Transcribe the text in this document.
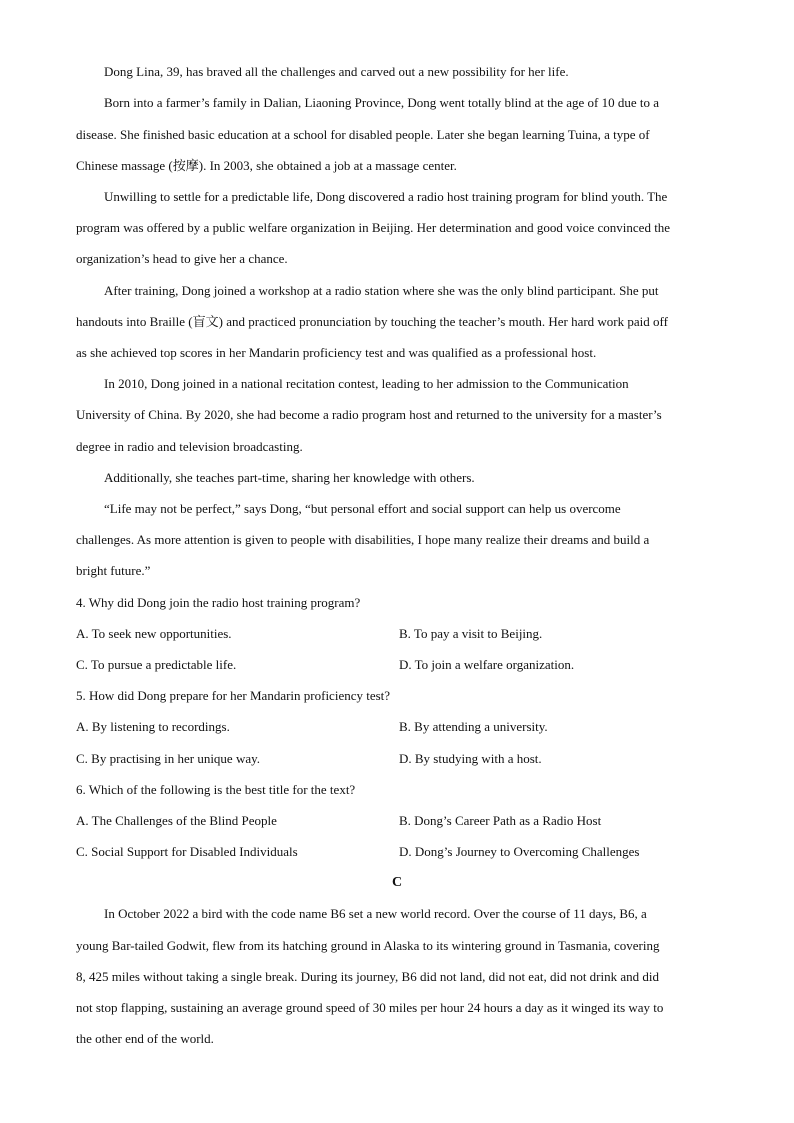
Dong Lina, 39, has braved all the challenges and carved out a new possibility for her life.
Born into a farmer’s family in Dalian, Liaoning Province, Dong went totally blind at the age of 10 due to a
disease. She finished basic education at a school for disabled people. Later she began learning Tuina, a type of
Chinese massage (按摩). In 2003, she obtained a job at a massage center.
Unwilling to settle for a predictable life, Dong discovered a radio host training program for blind youth. The
program was offered by a public welfare organization in Beijing. Her determination and good voice convinced the
organization’s head to give her a chance.
After training, Dong joined a workshop at a radio station where she was the only blind participant. She put
handouts into Braille (盲文) and practiced pronunciation by touching the teacher’s mouth. Her hard work paid off
as she achieved top scores in her Mandarin proficiency test and was qualified as a professional host.
In 2010, Dong joined in a national recitation contest, leading to her admission to the Communication
University of China. By 2020, she had become a radio program host and returned to the university for a master’s
degree in radio and television broadcasting.
Additionally, she teaches part-time, sharing her knowledge with others.
“Life may not be perfect,” says Dong, “but personal effort and social support can help us overcome
challenges. As more attention is given to people with disabilities, I hope many realize their dreams and build a
bright future.”
4. Why did Dong join the radio host training program?
A. To seek new opportunities.	B. To pay a visit to Beijing.
C. To pursue a predictable life.	D. To join a welfare organization.
5. How did Dong prepare for her Mandarin proficiency test?
A. By listening to recordings.	B. By attending a university.
C. By practising in her unique way.	D. By studying with a host.
6. Which of the following is the best title for the text?
A. The Challenges of the Blind People	B. Dong’s Career Path as a Radio Host
C. Social Support for Disabled Individuals	D. Dong’s Journey to Overcoming Challenges
C
In October 2022 a bird with the code name B6 set a new world record. Over the course of 11 days, B6, a
young Bar-tailed Godwit, flew from its hatching ground in Alaska to its wintering ground in Tasmania, covering
8, 425 miles without taking a single break. During its journey, B6 did not land, did not eat, did not drink and did
not stop flapping, sustaining an average ground speed of 30 miles per hour 24 hours a day as it winged its way to
the other end of the world.
